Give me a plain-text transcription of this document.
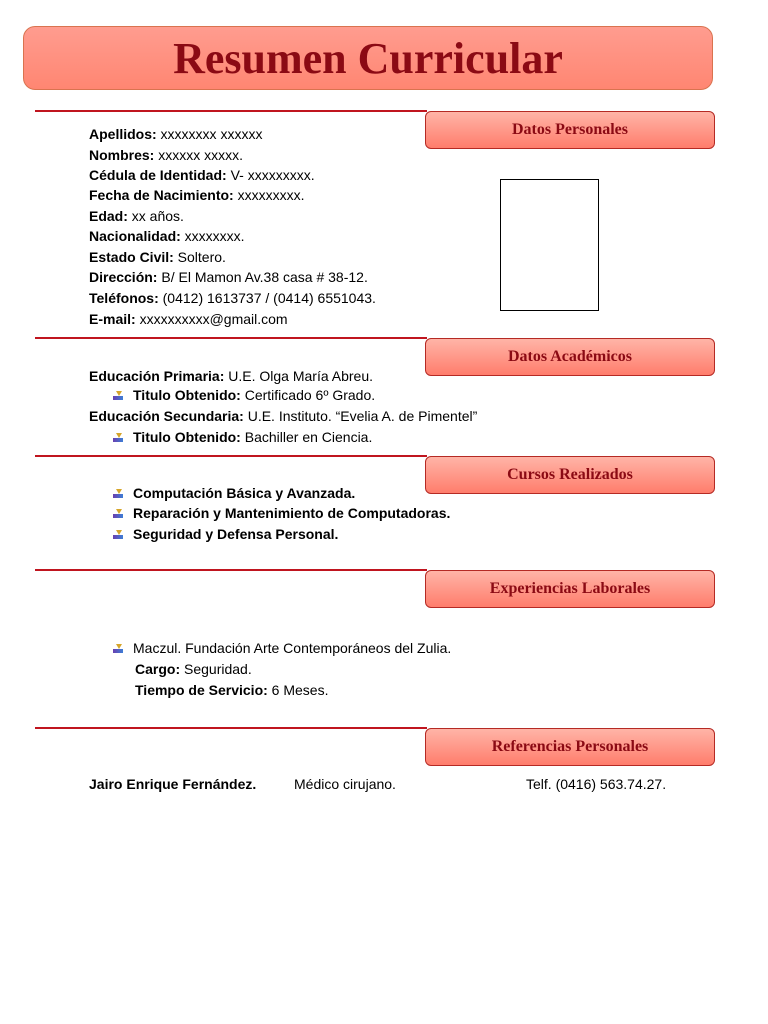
Resumen Curricular
Datos Personales
Apellidos: xxxxxxxx xxxxxx
Nombres: xxxxxx xxxxx.
Cédula de Identidad: V- xxxxxxxxx.
Fecha de Nacimiento: xxxxxxxxx.
Edad: xx años.
Nacionalidad: xxxxxxxx.
Estado Civil: Soltero.
Dirección: B/ El Mamon Av.38 casa # 38-12.
Teléfonos: (0412) 1613737 / (0414) 6551043.
E-mail: xxxxxxxxxx@gmail.com
Datos Académicos
Educación Primaria: U.E. Olga María Abreu.
Titulo Obtenido: Certificado 6º Grado.
Educación Secundaria: U.E. Instituto. “Evelia A. de Pimentel”
Titulo Obtenido: Bachiller en Ciencia.
Cursos Realizados
Computación Básica y Avanzada.
Reparación y Mantenimiento de Computadoras.
Seguridad y Defensa Personal.
Experiencias Laborales
Maczul. Fundación Arte Contemporáneos del Zulia.
Cargo: Seguridad.
Tiempo de Servicio: 6 Meses.
Referencias Personales
Jairo Enrique Fernández.	Médico cirujano.	Telf. (0416) 563.74.27.
